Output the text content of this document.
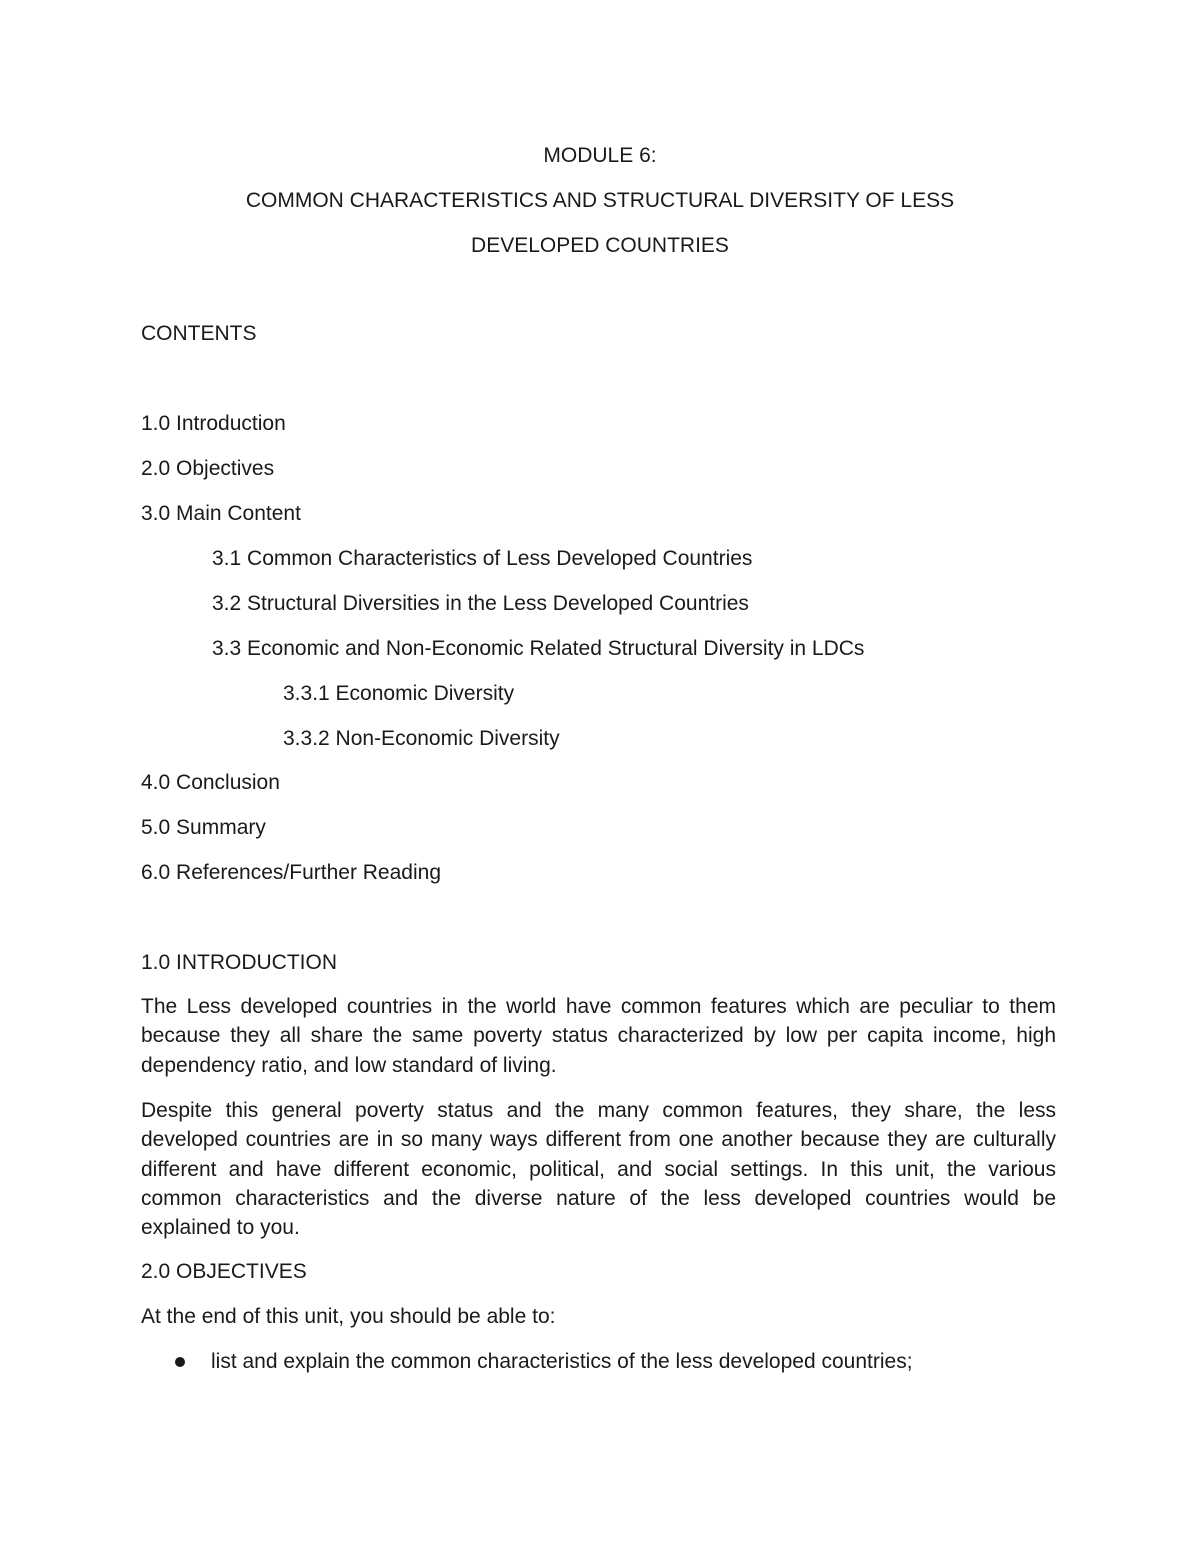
MODULE 6:
COMMON CHARACTERISTICS AND STRUCTURAL DIVERSITY OF LESS
DEVELOPED COUNTRIES
CONTENTS
1.0 Introduction
2.0 Objectives
3.0 Main Content
3.1 Common Characteristics of Less Developed Countries
3.2 Structural Diversities in the Less Developed Countries
3.3 Economic and Non-Economic Related Structural Diversity in LDCs
3.3.1 Economic Diversity
3.3.2 Non-Economic Diversity
4.0 Conclusion
5.0 Summary
6.0 References/Further Reading
1.0 INTRODUCTION
The Less developed countries in the world have common features which are peculiar to them because they all share the same poverty status characterized by low per capita income, high dependency ratio, and low standard of living.
Despite this general poverty status and the many common features, they share, the less developed countries are in so many ways different from one another because they are culturally different and have different economic, political, and social settings. In this unit, the various common characteristics and the diverse nature of the less developed countries would be explained to you.
2.0 OBJECTIVES
At the end of this unit, you should be able to:
list and explain the common characteristics of the less developed countries;
